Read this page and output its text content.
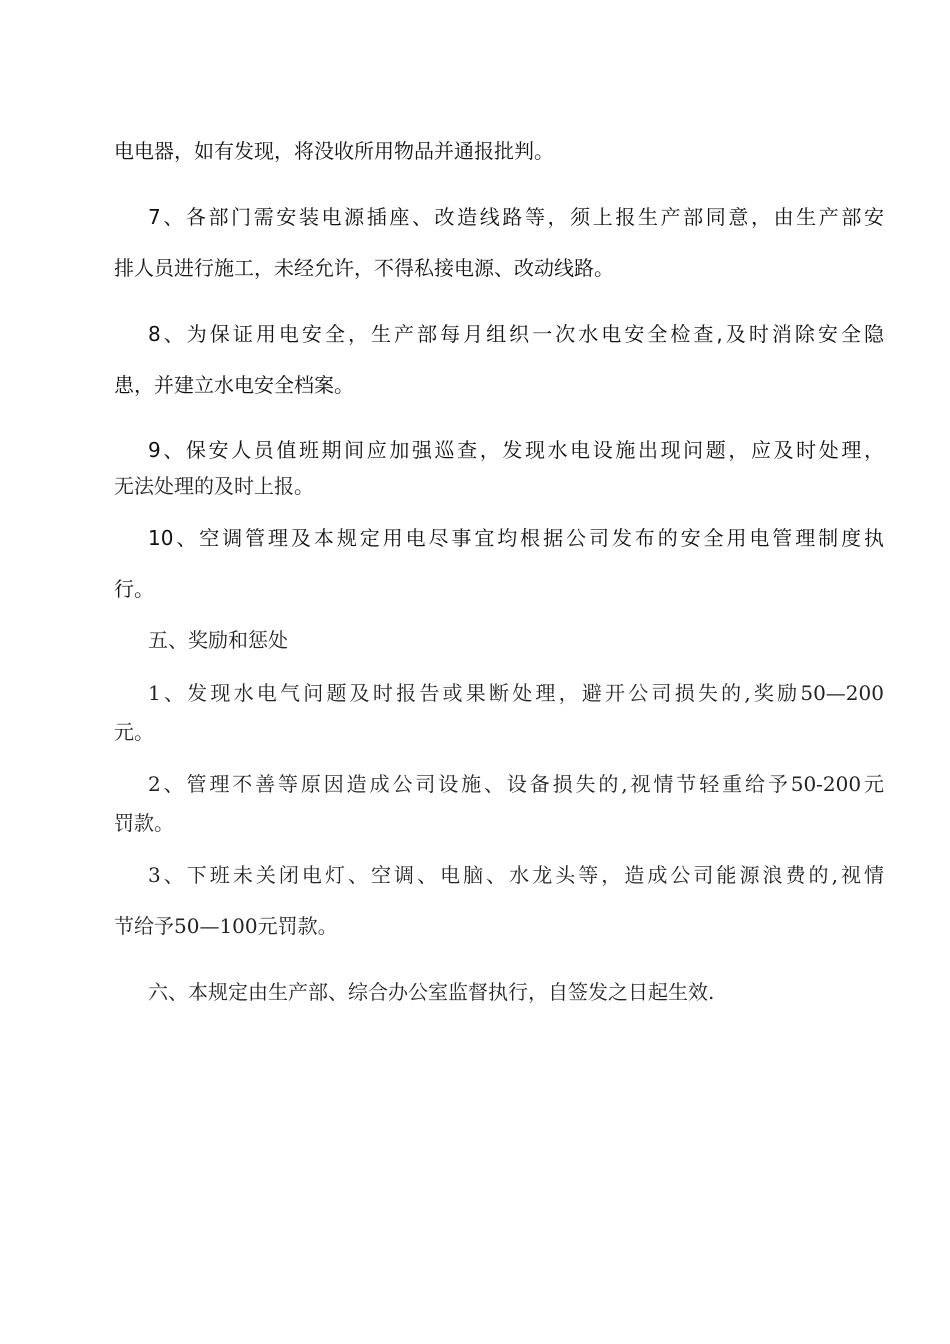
电电器，如有发现，将没收所用物品并通报批判。
7、各部门需安装电源插座、改造线路等，须上报生产部同意，由生产部安
排人员进行施工，未经允许，不得私接电源、改动线路。
8、为保证用电安全，生产部每月组织一次水电安全检查,及时消除安全隐
患，并建立水电安全档案。
9、保安人员值班期间应加强巡查，发现水电设施出现问题，应及时处理，
无法处理的及时上报。
10、空调管理及本规定用电尽事宜均根据公司发布的安全用电管理制度执
行。
五、奖励和惩处
1、发现水电气问题及时报告或果断处理，避开公司损失的,奖励50—200
元。
2、管理不善等原因造成公司设施、设备损失的,视情节轻重给予50-200元
罚款。
3、下班未关闭电灯、空调、电脑、水龙头等，造成公司能源浪费的,视情
节给予50—100元罚款。
六、本规定由生产部、综合办公室监督执行，自签发之日起生效.
